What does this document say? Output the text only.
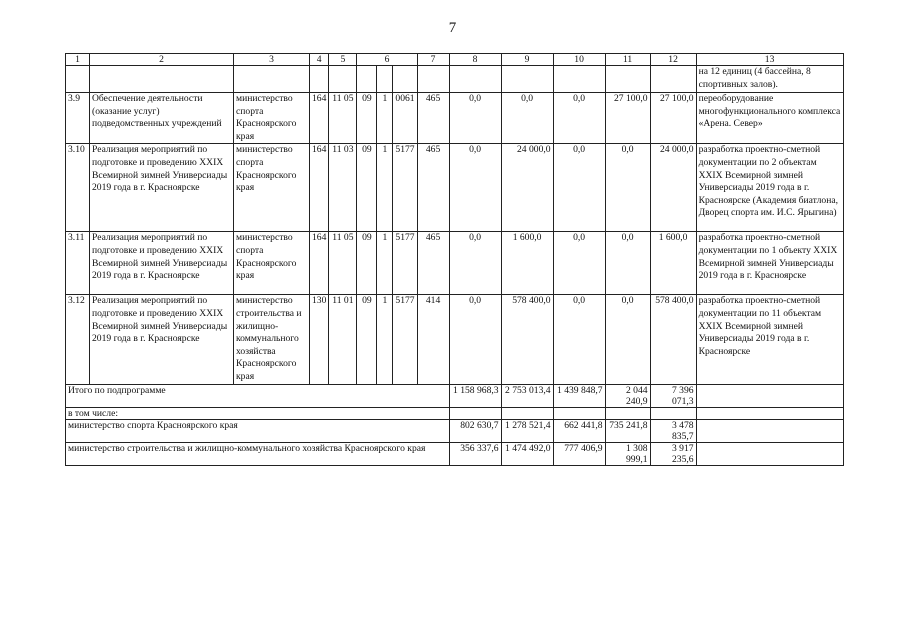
7
1	2	3	4	5	6			7	8	9	10	11	12	13
														на 12 единиц (4 бассейна, 8 спортивных залов).
3.9	Обеспечение деятельности (оказание услуг) подведомственных учреждений	министерство спорта Красноярского края	164	11 05	09	1	0061	465	0,0	0,0	0,0	27 100,0	27 100,0	переоборудование многофункционального комплекса «Арена. Север»
3.10	Реализация мероприятий по подготовке и проведению XXIX Всемирной зимней Универсиады 2019 года в г. Красноярске	министерство спорта Красноярского края	164	11 03	09	1	5177	465	0,0	24 000,0	0,0	0,0	24 000,0	разработка проектно-сметной документации по 2 объектам XXIX Всемирной зимней Универсиады 2019 года в г. Красноярске (Академия биатлона, Дворец спорта им. И.С. Ярыгина)
3.11	Реализация мероприятий по подготовке и проведению XXIX Всемирной зимней Универсиады 2019 года в г. Красноярске	министерство спорта Красноярского края	164	11 05	09	1	5177	465	0,0	1 600,0	0,0	0,0	1 600,0	разработка проектно-сметной документации по 1 объекту XXIX Всемирной зимней Универсиады 2019 года в г. Красноярске
3.12	Реализация мероприятий по подготовке и проведению XXIX Всемирной зимней Универсиады 2019 года в г. Красноярске	министерство строительства и жилищно-коммунального хозяйства Красноярского края	130	11 01	09	1	5177	414	0,0	578 400,0	0,0	0,0	578 400,0	разработка проектно-сметной документации по 11 объектам XXIX Всемирной зимней Универсиады 2019 года в г. Красноярске
Итого по подпрограмме									1 158 968,3	2 753 013,4	1 439 848,7	2 044 240,9	7 396 071,3	
в том числе:														
министерство спорта Красноярского края									802 630,7	1 278 521,4	662 441,8	735 241,8	3 478 835,7	
министерство строительства и жилищно-коммунального хозяйства Красноярского края									356 337,6	1 474 492,0	777 406,9	1 308 999,1	3 917 235,6	
